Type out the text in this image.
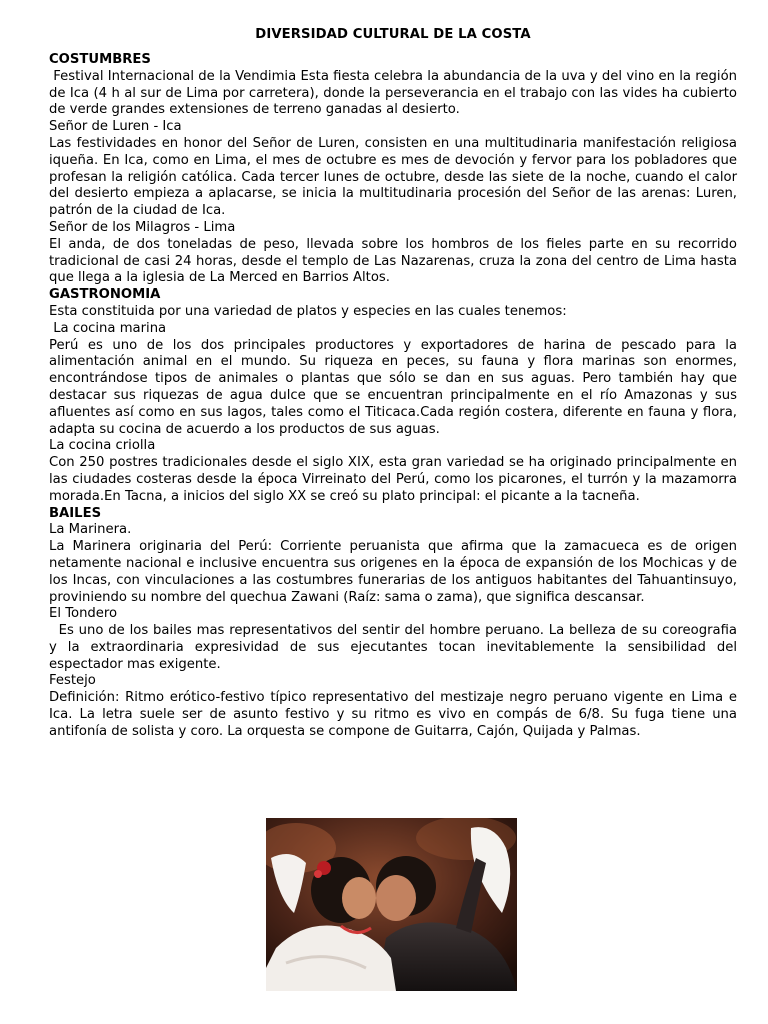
DIVERSIDAD CULTURAL DE LA COSTA
COSTUMBRES
Festival Internacional de la Vendimia Esta fiesta celebra la abundancia de la uva y del vino en la región de Ica (4 h al sur de Lima por carretera), donde la perseverancia en el trabajo con las vides ha cubierto de verde grandes extensiones de terreno ganadas al desierto.
Señor de Luren - Ica
Las festividades en honor del Señor de Luren, consisten en una multitudinaria manifestación religiosa iqueña. En Ica, como en Lima, el mes de octubre es mes de devoción y fervor para los pobladores que profesan la religión católica. Cada tercer lunes de octubre, desde las siete de la noche, cuando el calor del desierto empieza a aplacarse, se inicia la multitudinaria procesión del Señor de las arenas: Luren, patrón de la ciudad de Ica.
Señor de los Milagros - Lima
El anda, de dos toneladas de peso, llevada sobre los hombros de los fieles parte en su recorrido tradicional de casi 24 horas, desde el templo de Las Nazarenas, cruza la zona del centro de Lima hasta que llega a la iglesia de La Merced en Barrios Altos.
GASTRONOMIA
Esta constituida por una variedad de platos y especies en las cuales tenemos:
La cocina marina
Perú es uno de los dos principales productores y exportadores de harina de pescado para la alimentación animal en el mundo. Su riqueza en peces, su fauna y flora marinas son enormes, encontrándose tipos de animales o plantas que sólo se dan en sus aguas. Pero también hay que destacar sus riquezas de agua dulce que se encuentran principalmente en el río Amazonas y sus afluentes así como en sus lagos, tales como el Titicaca.Cada región costera, diferente en fauna y flora, adapta su cocina de acuerdo a los productos de sus aguas.
La cocina criolla
Con 250 postres tradicionales desde el siglo XIX, esta gran variedad se ha originado principalmente en las ciudades costeras desde la época Virreinato del Perú, como los picarones, el turrón y la mazamorra morada.En Tacna, a inicios del siglo XX se creó su plato principal: el picante a la tacneña.
BAILES
La Marinera.
La Marinera originaria del Perú: Corriente peruanista que afirma que la zamacueca es de origen netamente nacional e inclusive encuentra sus origenes en la época de expansión de los Mochicas y de los Incas, con vinculaciones a las costumbres funerarias de los antiguos habitantes del Tahuantinsuyo, proviniendo su nombre del quechua Zawani (Raíz: sama o zama), que significa descansar.
El Tondero
Es uno de los bailes mas representativos del sentir del hombre peruano. La belleza de su coreografia y la extraordinaria expresividad de sus ejecutantes tocan inevitablemente la sensibilidad del espectador mas exigente.
Festejo
Definición: Ritmo erótico-festivo típico representativo del mestizaje negro peruano vigente en Lima e Ica. La letra suele ser de asunto festivo y su ritmo es vivo en compás de 6/8. Su fuga tiene una antifonía de solista y coro. La orquesta se compone de Guitarra, Cajón, Quijada y Palmas.
